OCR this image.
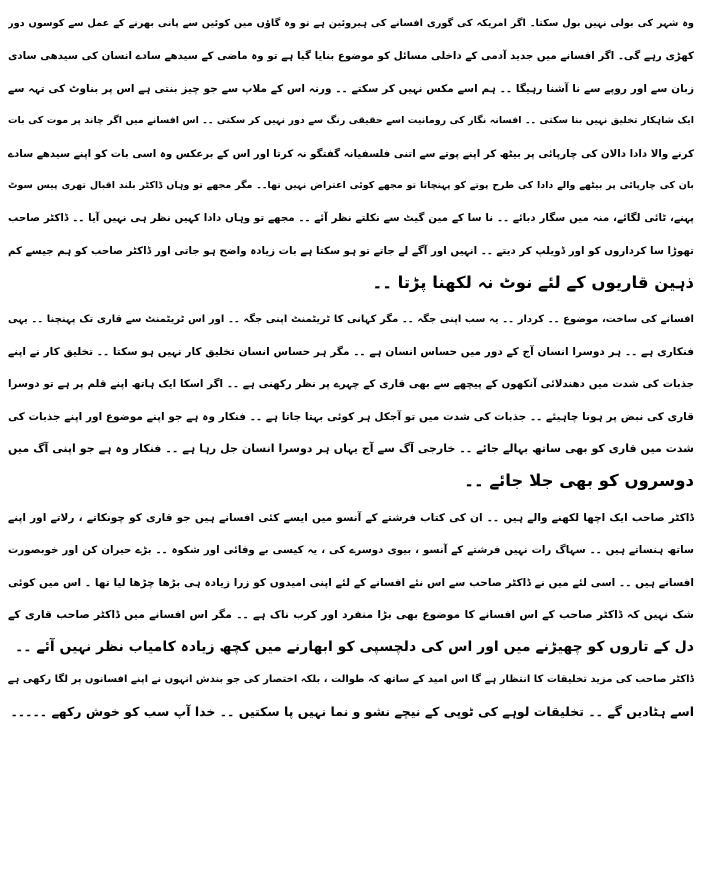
وہ شہر کی بولی نہیں بول سکتا۔ اگر امریکہ کی گوری افسانے کی ہیروئین ہے تو وہ گاؤں میں کوئیں سے پانی بھرنے کے عمل سے کوسوں دور
کھڑی رہے گی۔ اگر افسانے میں جدید آدمی کے داخلی مسائل کو موضوع بنایا گیا ہے تو وہ ماضی کے سیدھے سادے انسان کی سیدھی سادی
زبان سے اور روپے سے نا آشنا رہیگا ۔۔ ہم اسے مکس نہیں کر سکتے ۔۔ ورنہ اس کے ملاپ سے جو چیز بنتی ہے اس پر بناوٹ کی تہہ سے
ایک شاہکار تخلیق نہیں بنا سکتی ۔۔ افسانہ نگار کی رومانیت اسے حقیقی رنگ سے دور نہیں کر سکتی ۔۔ اس افسانے میں اگر چاند پر موت کی بات
کرنے والا دادا دالان کی چارپائی پر بیٹھ کر اپنے پوتے سے اتنی فلسفیانہ گفتگو نہ کرتا اور اس کے برعکس وہ اسی بات کو اپنے سیدھے سادے
بان کی چارپائی پر بیٹھے والے دادا کی طرح پوتے کو پہنچاتا تو مجھے کوئی اعتراض نہیں تھا۔۔ مگر مجھے تو وہاں ڈاکٹر بلند اقبال تھری پیس سوٹ
پہنے، ٹائی لگائے، منہ میں سگار دبائے ۔۔ نا سا کے مین گیٹ سے نکلتے نظر آئے ۔۔ مجھے تو وہاں دادا کہیں نظر ہی نہیں آیا ۔۔ ڈاکٹر صاحب
تھوڑا سا کرداروں کو اور ڈویلپ کر دیتے ۔۔ انہیں اور آگے لے جاتے تو ہو سکتا ہے بات زیادہ واضح ہو جاتی اور ڈاکٹر صاحب کو ہم جیسے کم
ذہین قاریوں کے لئے نوٹ نہ لکھنا پڑتا ۔۔
افسانے کی ساخت، موضوع ۔۔ کردار ۔۔ یہ سب اپنی جگہ ۔۔ مگر کہانی کا ٹریٹمنٹ اپنی جگہ ۔۔ اور اس ٹریٹمنٹ سے قاری تک پہنچنا ۔۔ یہی
فنکاری ہے ۔۔ ہر دوسرا انسان آج کے دور میں حساس انسان ہے ۔۔ مگر ہر حساس انسان تخلیق کار نہیں ہو سکتا ۔۔ تخلیق کار نے اپنے
جذبات کی شدت میں دھندلائی آنکھوں کے پیچھے سے بھی قاری کے چہرے پر نظر رکھنی ہے ۔۔ اگر اسکا ایک ہاتھ اپنے قلم پر ہے تو دوسرا
قاری کی نبض پر ہونا چاہیئے ۔۔ جذبات کی شدت میں تو آجکل ہر کوئی بہتا جاتا ہے ۔۔ فنکار وہ ہے جو اپنے موضوع اور اپنے جذبات کی
شدت میں قاری کو بھی ساتھ بہالے جائے ۔۔ خارجی آگ سے آج یہاں ہر دوسرا انسان جل رہا ہے ۔۔ فنکار وہ ہے جو اپنی آگ میں
دوسروں کو بھی جلا جائے ۔۔
ڈاکٹر صاحب ایک اچھا لکھنے والے ہیں ۔۔ ان کی کتاب فرشتے کے آنسو میں ایسے کئی افسانے ہیں جو قاری کو چونکاتے ، رلاتے اور اپنے
ساتھ ہنساتے ہیں ۔۔ سہاگ رات نہیں فرشتے کے آنسو ، بیوی دوسرے کی ، یہ کیسی بے وفائی اور شکوہ ۔۔ بڑے حیران کن اور خوبصورت
افسانے ہیں ۔۔ اسی لئے میں نے ڈاکٹر صاحب سے اس نئے افسانے کے لئے اپنی امیدوں کو زرا زیادہ ہی بڑھا چڑھا لیا تھا ۔ اس میں کوئی
شک نہیں کہ ڈاکٹر صاحب کے اس افسانے کا موضوع بھی بڑا منفرد اور کرب ناک ہے ۔۔ مگر اس افسانے میں ڈاکٹر صاحب قاری کے
دل کے تاروں کو چھیڑنے میں اور اس کی دلچسپی کو ابھارنے میں کچھ زیادہ کامیاب نظر نہیں آئے ۔۔
ڈاکٹر صاحب کی مزید تخلیقات کا انتظار ہے گا اس امید کے ساتھ کہ طوالت ، بلکہ اختصار کی جو بندش انہوں نے اپنے افسانوں پر لگا رکھی ہے
اسے ہٹادیں گے ۔۔ تخلیقات لوہے کی ٹوپی کے نیچے نشو و نما نہیں پا سکتیں ۔۔ خدا آپ سب کو خوش رکھے ۔۔۔۔۔
